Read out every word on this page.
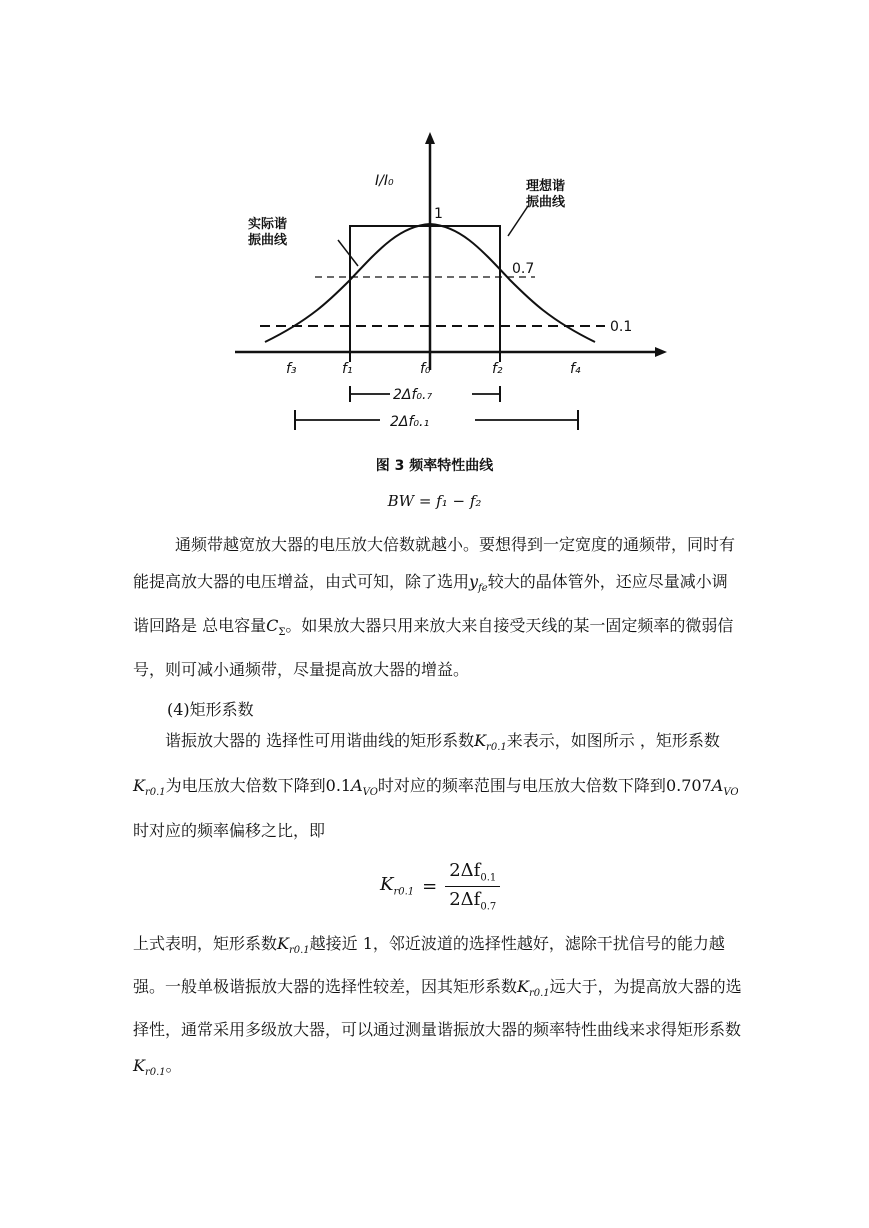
I/I₀
1
0.7
0.1
实际谐
振曲线
理想谐
振曲线
f₃	f₁	f₀	f₂	f₄
2Δf₀.₇
2Δf₀.₁
图 3 频率特性曲线
BW = f₁ − f₂
通频带越宽放大器的电压放大倍数就越小。要想得到一定宽度的通频带，同时有能提高放大器的电压增益，由式可知，除了选用$y_{fe}$较大的晶体管外，还应尽量减小调谐回路是 总电容量$C_\Sigma$。如果放大器只用来放大来自接受天线的某一固定频率的微弱信号，则可减小通频带，尽量提高放大器的增益。
(4)矩形系数
谐振放大器的 选择性可用谐曲线的矩形系数$K_{r0.1}$来表示，如图所示 ，矩形系数$K_{r0.1}$为电压放大倍数下降到$0.1A_{VO}$时对应的频率范围与电压放大倍数下降到$0.707A_{VO}$时对应的频率偏移之比，即
$K_{r0.1} = \frac{2\Delta f_{0.1}}{2\Delta f_{0.7}}$
上式表明，矩形系数$K_{r0.1}$越接近 1，邻近波道的选择性越好，滤除干扰信号的能力越强。一般单极谐振放大器的选择性较差，因其矩形系数$K_{r0.1}$远大于，为提高放大器的选择性，通常采用多级放大器，可以通过测量谐振放大器的频率特性曲线来求得矩形系数$K_{r0.1}$。
